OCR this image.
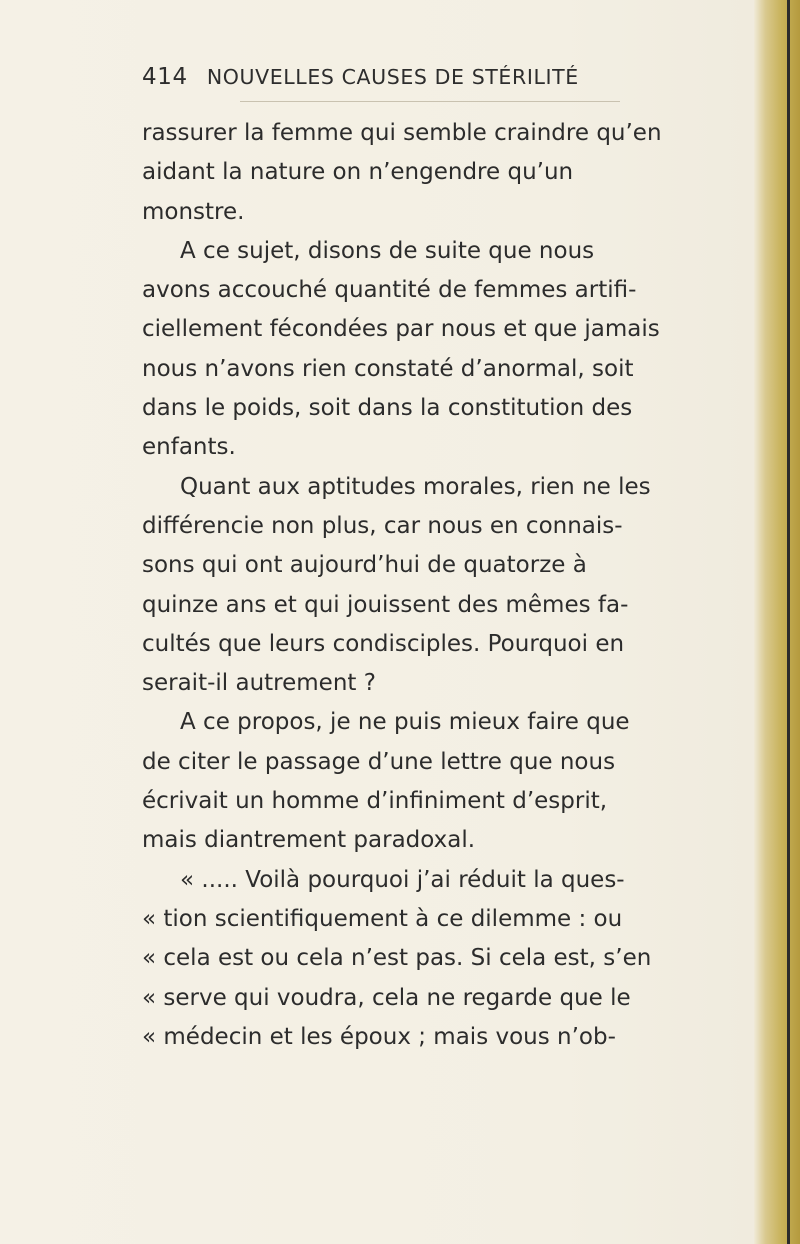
414 NOUVELLES CAUSES DE STÉRILITÉ
rassurer la femme qui semble craindre qu’en
aidant la nature on n’engendre qu’un
monstre.
A ce sujet, disons de suite que nous
avons accouché quantité de femmes artifi-
ciellement fécondées par nous et que jamais
nous n’avons rien constaté d’anormal, soit
dans le poids, soit dans la constitution des
enfants.
Quant aux aptitudes morales, rien ne les
différencie non plus, car nous en connais-
sons qui ont aujourd’hui de quatorze à
quinze ans et qui jouissent des mêmes fa-
cultés que leurs condisciples. Pourquoi en
serait-il autrement ?
A ce propos, je ne puis mieux faire que
de citer le passage d’une lettre que nous
écrivait un homme d’infiniment d’esprit,
mais diantrement paradoxal.
« ..... Voilà pourquoi j’ai réduit la ques-
« tion scientifiquement à ce dilemme : ou
« cela est ou cela n’est pas. Si cela est, s’en
« serve qui voudra, cela ne regarde que le
« médecin et les époux ; mais vous n’ob-
